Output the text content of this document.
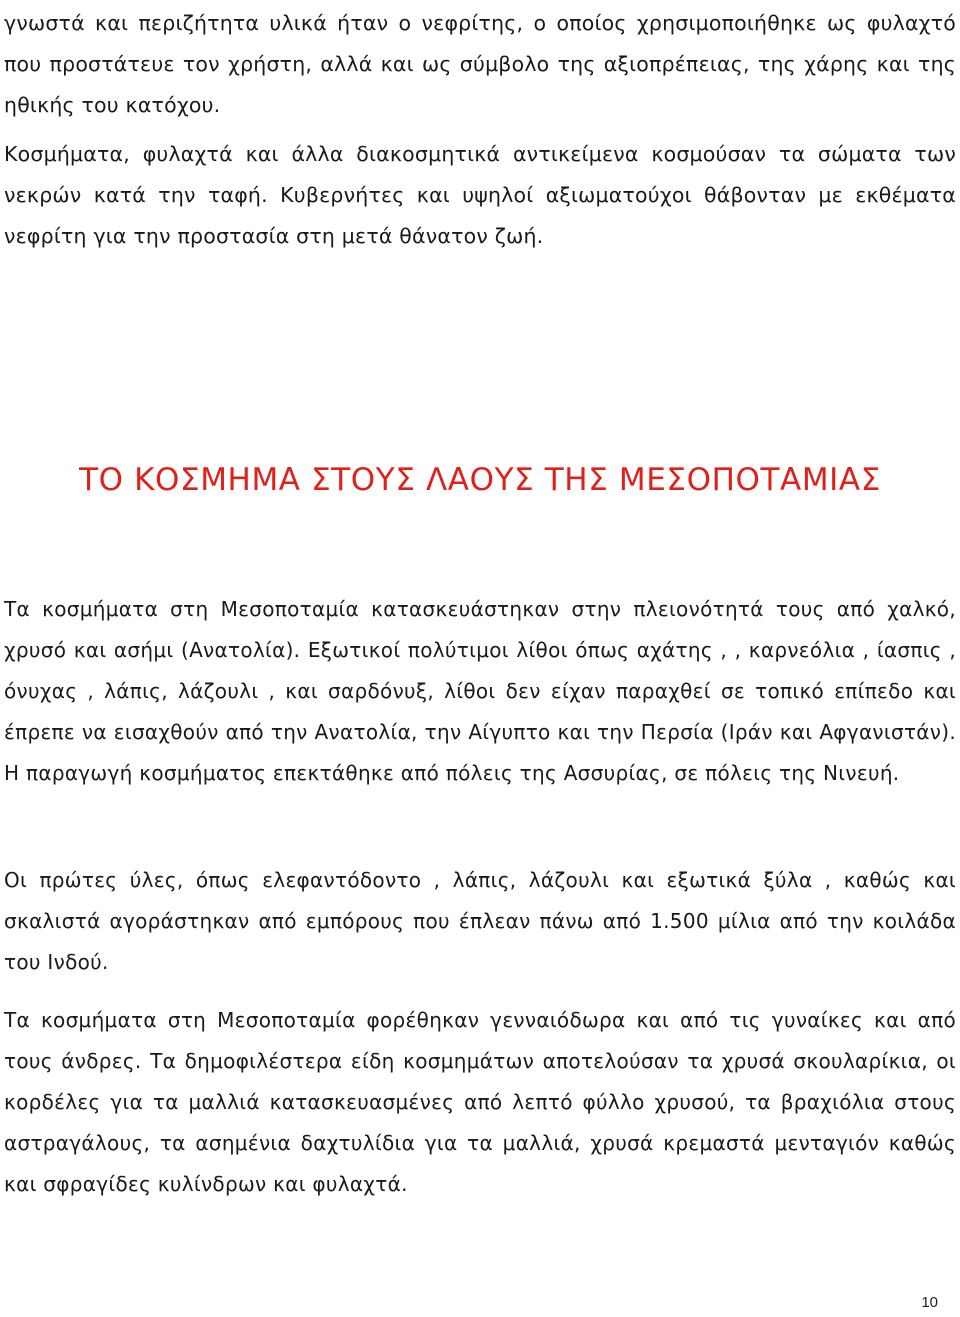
γνωστά και περιζήτητα υλικά ήταν ο νεφρίτης, ο οποίος χρησιμοποιήθηκε ως φυλαχτό που προστάτευε τον χρήστη, αλλά και ως σύμβολο της αξιοπρέπειας, της χάρης και της ηθικής του κατόχου.

Κοσμήματα, φυλαχτά και άλλα διακοσμητικά αντικείμενα κοσμούσαν τα σώματα των νεκρών κατά την ταφή. Κυβερνήτες και υψηλοί αξιωματούχοι θάβονταν με εκθέματα νεφρίτη για την προστασία στη μετά θάνατον ζωή.

ΤΟ ΚΟΣΜΗΜΑ ΣΤΟΥΣ ΛΑΟΥΣ ΤΗΣ ΜΕΣΟΠΟΤΑΜΙΑΣ

Τα κοσμήματα στη Μεσοποταμία κατασκευάστηκαν στην πλειονότητά τους από χαλκό, χρυσό και ασήμι (Ανατολία). Εξωτικοί πολύτιμοι λίθοι όπως αχάτης , , καρνεόλια , ίασπις , όνυχας , λάπις, λάζουλι , και σαρδόνυξ, λίθοι δεν είχαν παραχθεί σε τοπικό επίπεδο και έπρεπε να εισαχθούν από την Ανατολία, την Αίγυπτο και την Περσία (Ιράν και Αφγανιστάν). Η παραγωγή κοσμήματος επεκτάθηκε από πόλεις της Ασσυρίας, σε πόλεις της Νινευή.

Οι πρώτες ύλες, όπως ελεφαντόδοντο , λάπις, λάζουλι και εξωτικά ξύλα , καθώς και σκαλιστά αγοράστηκαν από εμπόρους που έπλεαν πάνω από 1.500 μίλια από την κοιλάδα του Ινδού.

Τα κοσμήματα στη Μεσοποταμία φορέθηκαν γενναιόδωρα και από τις γυναίκες και από τους άνδρες. Τα δημοφιλέστερα είδη κοσμημάτων αποτελούσαν τα χρυσά σκουλαρίκια, οι κορδέλες για τα μαλλιά κατασκευασμένες από λεπτό φύλλο χρυσού, τα βραχιόλια στους αστραγάλους, τα ασημένια δαχτυλίδια για τα μαλλιά, χρυσά κρεμαστά μενταγιόν καθώς και σφραγίδες κυλίνδρων και φυλαχτά.

10
